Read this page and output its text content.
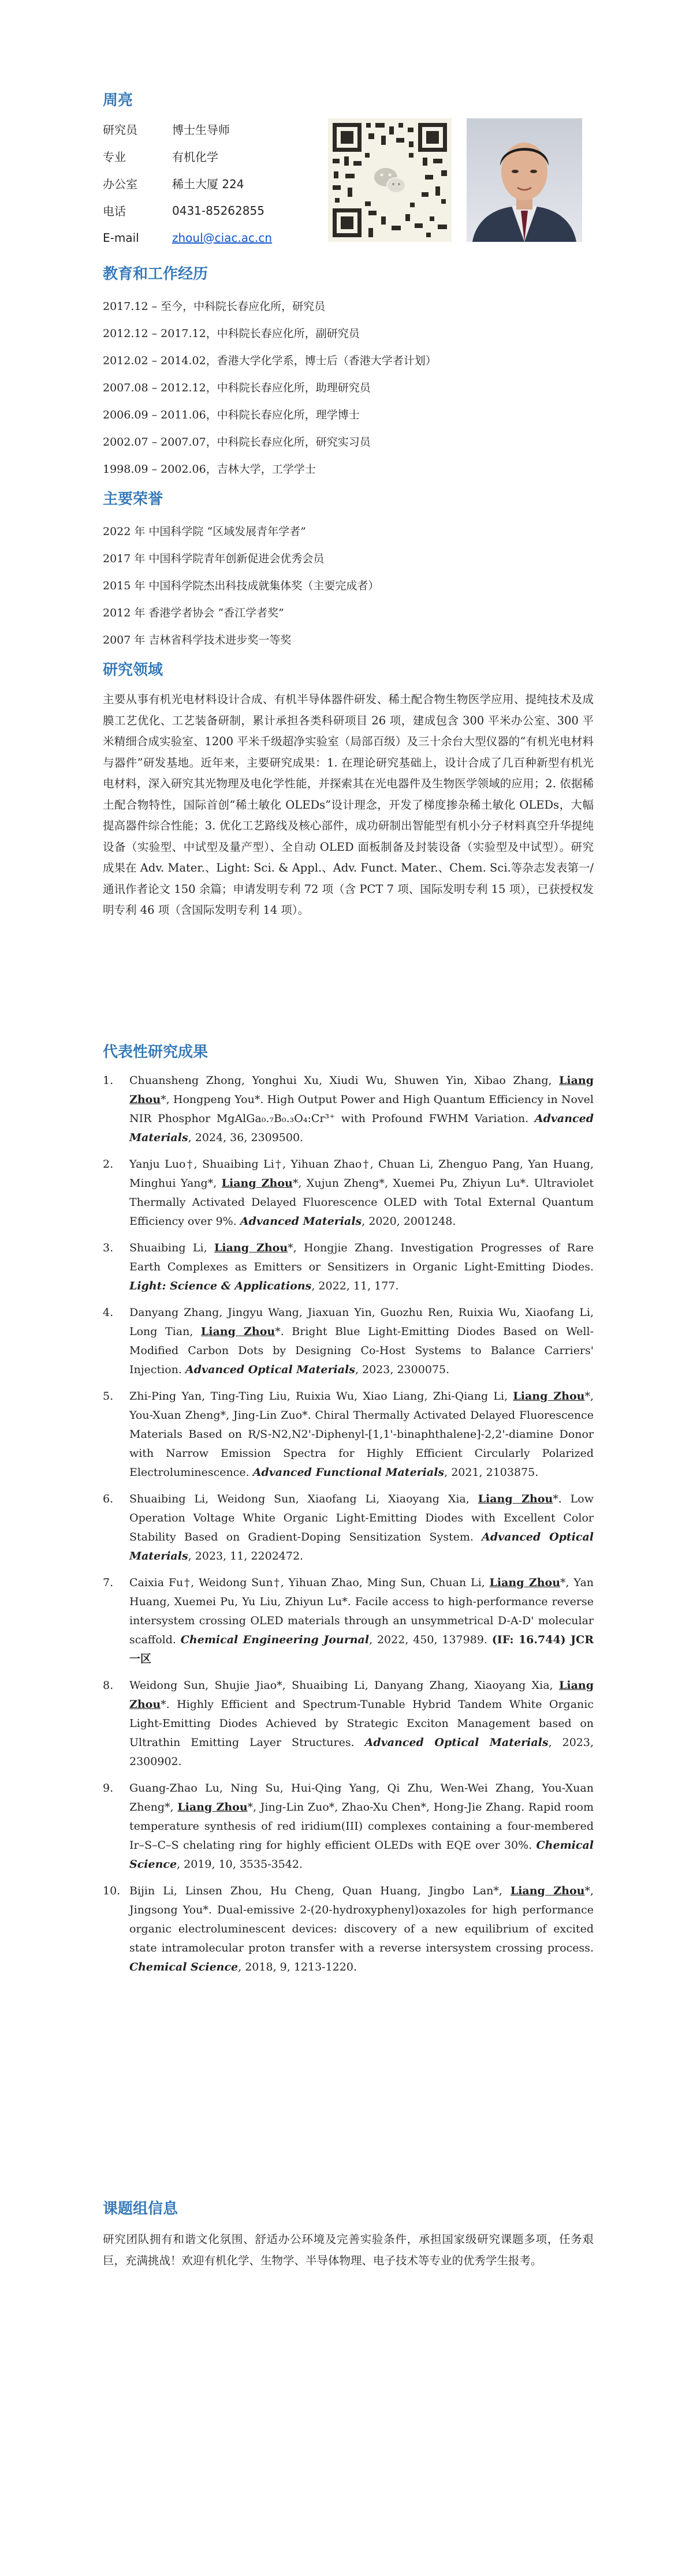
周亮
研究员	博士生导师
专业	有机化学
办公室	稀土大厦 224
电话	0431-85262855
E-mail	zhoul@ciac.ac.cn
教育和工作经历
2017.12 – 至今，中科院长春应化所，研究员
2012.12 – 2017.12，中科院长春应化所，副研究员
2012.02 – 2014.02，香港大学化学系，博士后（香港大学者计划）
2007.08 – 2012.12，中科院长春应化所，助理研究员
2006.09 – 2011.06，中科院长春应化所，理学博士
2002.07 – 2007.07，中科院长春应化所，研究实习员
1998.09 – 2002.06，吉林大学，工学学士
主要荣誉
2022 年 中国科学院 “区域发展青年学者”
2017 年 中国科学院青年创新促进会优秀会员
2015 年 中国科学院杰出科技成就集体奖（主要完成者）
2012 年 香港学者协会 “香江学者奖”
2007 年 吉林省科学技术进步奖一等奖
研究领域
主要从事有机光电材料设计合成、有机半导体器件研发、稀土配合物生物医学应用、提纯技术及成膜工艺优化、工艺装备研制，累计承担各类科研项目 26 项，建成包含 300 平米办公室、300 平米精细合成实验室、1200 平米千级超净实验室（局部百级）及三十余台大型仪器的“有机光电材料与器件”研发基地。近年来，主要研究成果：1. 在理论研究基础上，设计合成了几百种新型有机光电材料，深入研究其光物理及电化学性能，并探索其在光电器件及生物医学领域的应用；2. 依据稀土配合物特性，国际首创“稀土敏化 OLEDs”设计理念，开发了梯度掺杂稀土敏化 OLEDs，大幅提高器件综合性能；3. 优化工艺路线及核心部件，成功研制出智能型有机小分子材料真空升华提纯设备（实验型、中试型及量产型）、全自动 OLED 面板制备及封装设备（实验型及中试型）。研究成果在 Adv. Mater.、Light: Sci. & Appl.、Adv. Funct. Mater.、Chem. Sci.等杂志发表第一/通讯作者论文 150 余篇；申请发明专利 72 项（含 PCT 7 项、国际发明专利 15 项），已获授权发明专利 46 项（含国际发明专利 14 项）。
代表性研究成果
1.	Chuansheng Zhong, Yonghui Xu, Xiudi Wu, Shuwen Yin, Xibao Zhang, Liang Zhou*, Hongpeng You*. High Output Power and High Quantum Efficiency in Novel NIR Phosphor MgAlGa₀.₇B₀.₃O₄:Cr³⁺ with Profound FWHM Variation. Advanced Materials, 2024, 36, 2309500.
2.	Yanju Luo†, Shuaibing Li†, Yihuan Zhao†, Chuan Li, Zhenguo Pang, Yan Huang, Minghui Yang*, Liang Zhou*, Xujun Zheng*, Xuemei Pu, Zhiyun Lu*. Ultraviolet Thermally Activated Delayed Fluorescence OLED with Total External Quantum Efficiency over 9%. Advanced Materials, 2020, 2001248.
3.	Shuaibing Li, Liang Zhou*, Hongjie Zhang. Investigation Progresses of Rare Earth Complexes as Emitters or Sensitizers in Organic Light-Emitting Diodes. Light: Science & Applications, 2022, 11, 177.
4.	Danyang Zhang, Jingyu Wang, Jiaxuan Yin, Guozhu Ren, Ruixia Wu, Xiaofang Li, Long Tian, Liang Zhou*. Bright Blue Light-Emitting Diodes Based on Well-Modified Carbon Dots by Designing Co-Host Systems to Balance Carriers' Injection. Advanced Optical Materials, 2023, 2300075.
5.	Zhi-Ping Yan, Ting-Ting Liu, Ruixia Wu, Xiao Liang, Zhi-Qiang Li, Liang Zhou*, You-Xuan Zheng*, Jing-Lin Zuo*. Chiral Thermally Activated Delayed Fluorescence Materials Based on R/S-N2,N2'-Diphenyl-[1,1'-binaphthalene]-2,2'-diamine Donor with Narrow Emission Spectra for Highly Efficient Circularly Polarized Electroluminescence. Advanced Functional Materials, 2021, 2103875.
6.	Shuaibing Li, Weidong Sun, Xiaofang Li, Xiaoyang Xia, Liang Zhou*. Low Operation Voltage White Organic Light-Emitting Diodes with Excellent Color Stability Based on Gradient-Doping Sensitization System. Advanced Optical Materials, 2023, 11, 2202472.
7.	Caixia Fu†, Weidong Sun†, Yihuan Zhao, Ming Sun, Chuan Li, Liang Zhou*, Yan Huang, Xuemei Pu, Yu Liu, Zhiyun Lu*. Facile access to high-performance reverse intersystem crossing OLED materials through an unsymmetrical D-A-D' molecular scaffold. Chemical Engineering Journal, 2022, 450, 137989. (IF: 16.744) JCR 一区
8.	Weidong Sun, Shujie Jiao*, Shuaibing Li, Danyang Zhang, Xiaoyang Xia, Liang Zhou*. Highly Efficient and Spectrum-Tunable Hybrid Tandem White Organic Light-Emitting Diodes Achieved by Strategic Exciton Management based on Ultrathin Emitting Layer Structures. Advanced Optical Materials, 2023, 2300902.
9.	Guang-Zhao Lu, Ning Su, Hui-Qing Yang, Qi Zhu, Wen-Wei Zhang, You-Xuan Zheng*, Liang Zhou*, Jing-Lin Zuo*, Zhao-Xu Chen*, Hong-Jie Zhang. Rapid room temperature synthesis of red iridium(III) complexes containing a four-membered Ir–S–C–S chelating ring for highly efficient OLEDs with EQE over 30%. Chemical Science, 2019, 10, 3535-3542.
10. Bijin Li, Linsen Zhou, Hu Cheng, Quan Huang, Jingbo Lan*, Liang Zhou*, Jingsong You*. Dual-emissive 2-(20-hydroxyphenyl)oxazoles for high performance organic electroluminescent devices: discovery of a new equilibrium of excited state intramolecular proton transfer with a reverse intersystem crossing process. Chemical Science, 2018, 9, 1213-1220.
课题组信息
研究团队拥有和谐文化氛围、舒适办公环境及完善实验条件，承担国家级研究课题多项，任务艰巨，充满挑战！欢迎有机化学、生物学、半导体物理、电子技术等专业的优秀学生报考。
